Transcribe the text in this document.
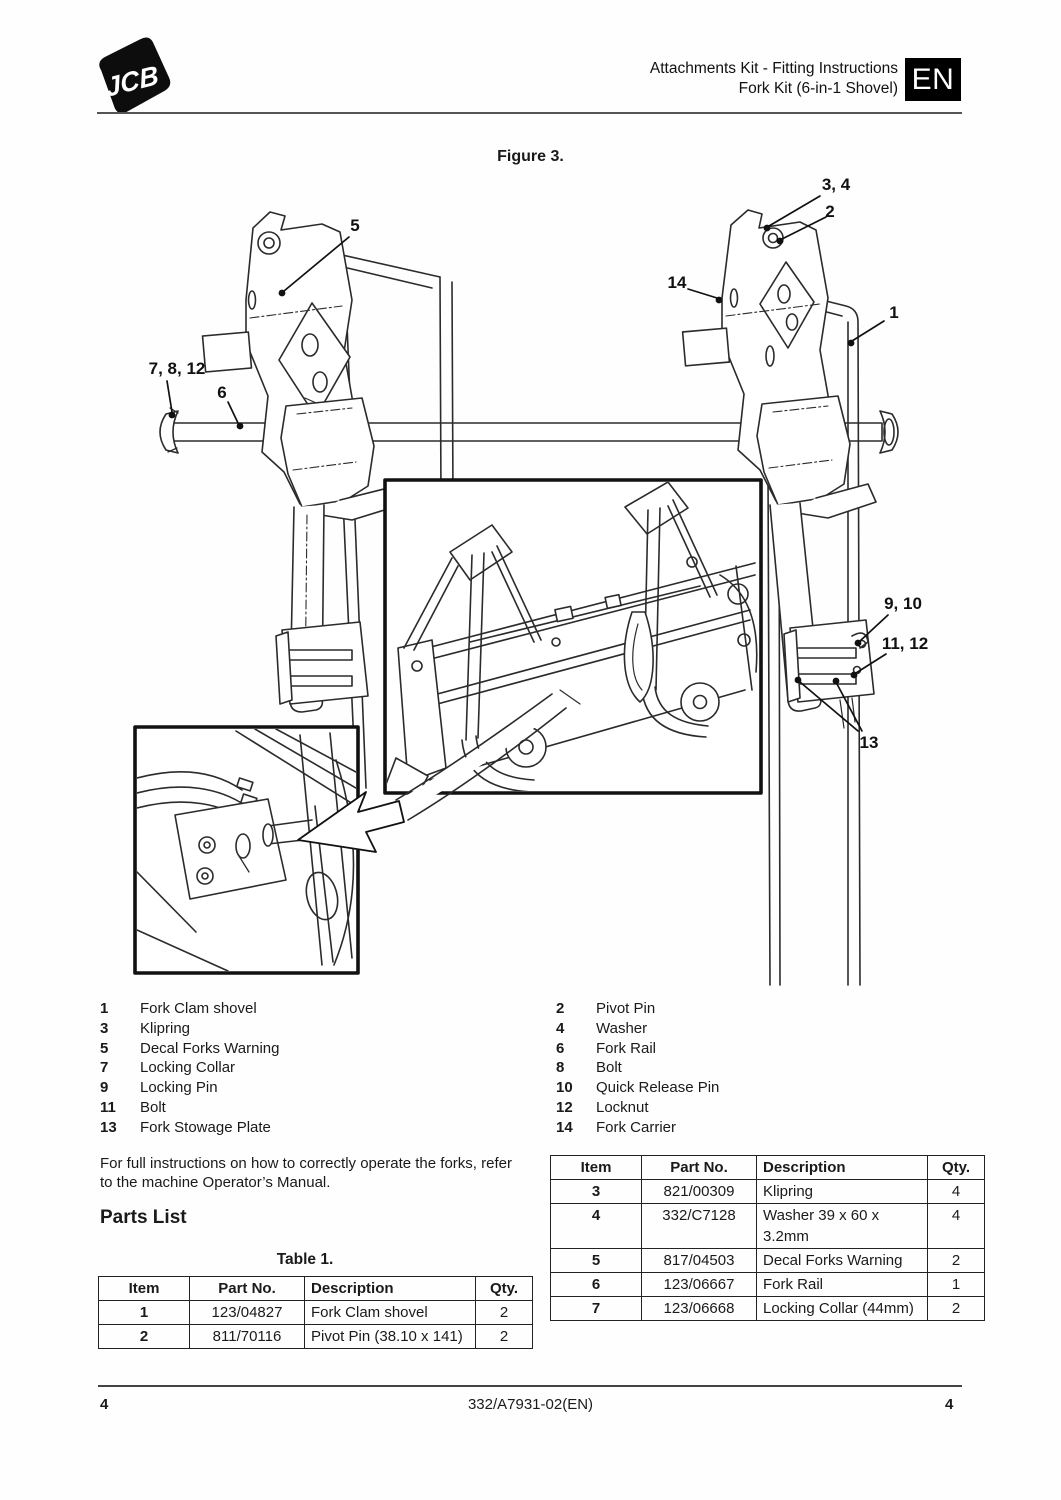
JCB	Attachments Kit - Fitting Instructions
Fork Kit (6-in-1 Shovel) EN
Figure 3.
5
3, 4
2
14
1
7, 8, 12
6
9, 10
11, 12
13
1	Fork Clam shovel
3	Klipring
5	Decal Forks Warning
7	Locking Collar
9	Locking Pin
11	Bolt
13	Fork Stowage Plate
2	Pivot Pin
4	Washer
6	Fork Rail
8	Bolt
10	Quick Release Pin
12	Locknut
14	Fork Carrier
For full instructions on how to correctly operate the forks, refer to the machine Operator’s Manual.
Parts List
Table 1.
Item	Part No.	Description	Qty.
1	123/04827	Fork Clam shovel	2
2	811/70116	Pivot Pin (38.10 x 141)	2
Item	Part No.	Description	Qty.
3	821/00309	Klipring	4
4	332/C7128	Washer 39 x 60 x 3.2mm	4
5	817/04503	Decal Forks Warning	2
6	123/06667	Fork Rail	1
7	123/06668	Locking Collar (44mm)	2
4	332/A7931-02(EN)	4
